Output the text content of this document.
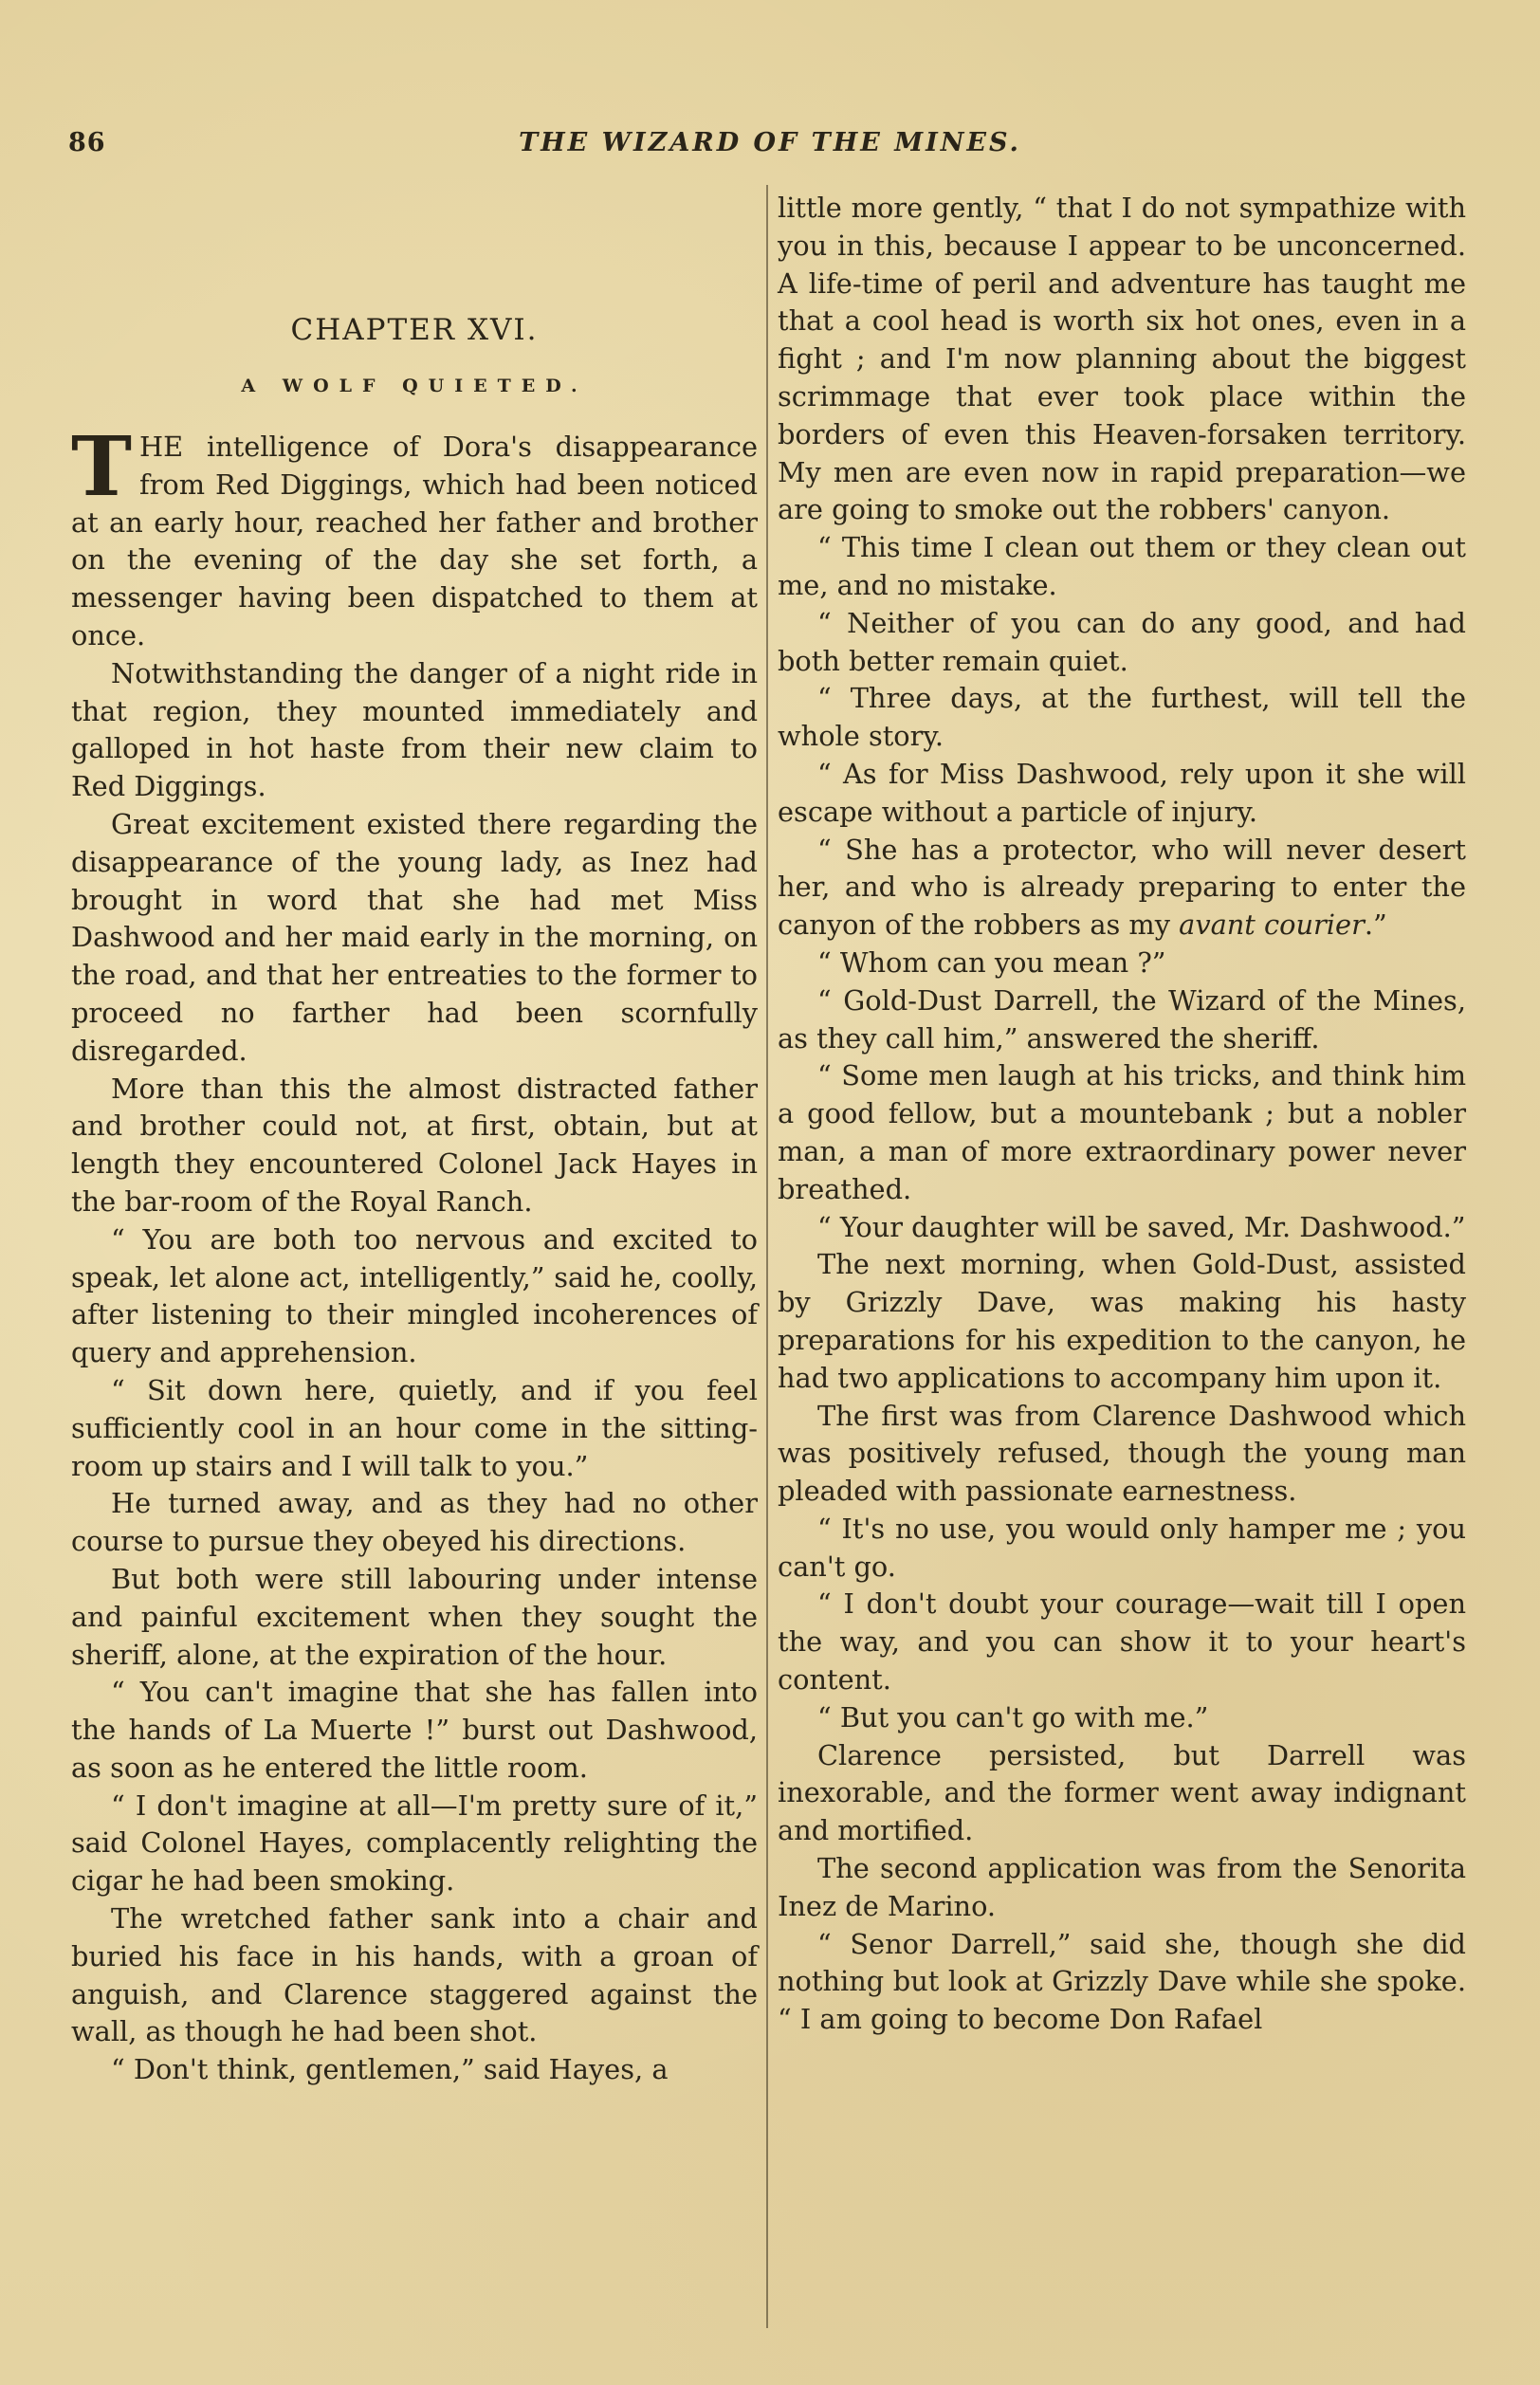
THE WIZARD OF THE MINES.
86
CHAPTER XVI.
A WOLF QUIETED.

THE intelligence of Dora's disappearance from Red Diggings, which had been noticed at an early hour, reached her father and brother on the evening of the day she set forth, a messenger having been dispatched to them at once.

Notwithstanding the danger of a night ride in that region, they mounted immediately and galloped in hot haste from their new claim to Red Diggings.

Great excitement existed there regarding the disappearance of the young lady, as Inez had brought in word that she had met Miss Dashwood and her maid early in the morning, on the road, and that her entreaties to the former to proceed no farther had been scornfully disregarded.

More than this the almost distracted father and brother could not, at first, obtain, but at length they encountered Colonel Jack Hayes in the bar-room of the Royal Ranch.

“ You are both too nervous and excited to speak, let alone act, intelligently,” said he, coolly, after listening to their mingled incoherences of query and apprehension.

“ Sit down here, quietly, and if you feel sufficiently cool in an hour come in the sitting-room up stairs and I will talk to you.”

He turned away, and as they had no other course to pursue they obeyed his directions.

But both were still labouring under intense and painful excitement when they sought the sheriff, alone, at the expiration of the hour.

“ You can't imagine that she has fallen into the hands of La Muerte !” burst out Dashwood, as soon as he entered the little room.

“ I don't imagine at all—I'm pretty sure of it,” said Colonel Hayes, complacently relighting the cigar he had been smoking.

The wretched father sank into a chair and buried his face in his hands, with a groan of anguish, and Clarence staggered against the wall, as though he had been shot.

“ Don't think, gentlemen,” said Hayes, a

little more gently, “ that I do not sympathize with you in this, because I appear to be unconcerned. A life-time of peril and adventure has taught me that a cool head is worth six hot ones, even in a fight ; and I'm now planning about the biggest scrimmage that ever took place within the borders of even this Heaven-forsaken territory. My men are even now in rapid preparation—we are going to smoke out the robbers' canyon.

“ This time I clean out them or they clean out me, and no mistake.

“ Neither of you can do any good, and had both better remain quiet.

“ Three days, at the furthest, will tell the whole story.

“ As for Miss Dashwood, rely upon it she will escape without a particle of injury.

“ She has a protector, who will never desert her, and who is already preparing to enter the canyon of the robbers as my avant courier.”

“ Whom can you mean ?”

“ Gold-Dust Darrell, the Wizard of the Mines, as they call him,” answered the sheriff.

“ Some men laugh at his tricks, and think him a good fellow, but a mountebank ; but a nobler man, a man of more extraordinary power never breathed.

“ Your daughter will be saved, Mr. Dashwood.”

The next morning, when Gold-Dust, assisted by Grizzly Dave, was making his hasty preparations for his expedition to the canyon, he had two applications to accompany him upon it.

The first was from Clarence Dashwood which was positively refused, though the young man pleaded with passionate earnestness.

“ It's no use, you would only hamper me ; you can't go.

“ I don't doubt your courage—wait till I open the way, and you can show it to your heart's content.

“ But you can't go with me.”

Clarence persisted, but Darrell was inexorable, and the former went away indignant and mortified.

The second application was from the Senorita Inez de Marino.

“ Senor Darrell,” said she, though she did nothing but look at Grizzly Dave while she spoke. “ I am going to become Don Rafael
